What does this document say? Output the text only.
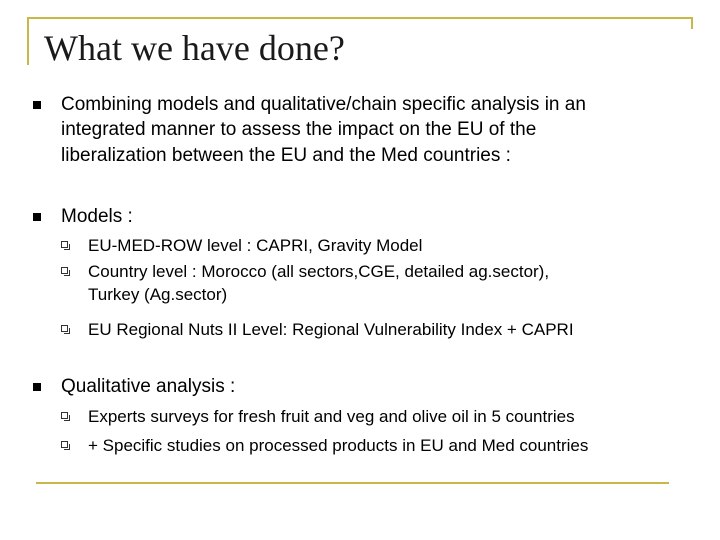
What we have done?
Combining models and qualitative/chain specific analysis in an
integrated manner to assess the impact on the EU of the
liberalization between the EU and the Med countries :
Models :
EU-MED-ROW level : CAPRI, Gravity Model
Country level : Morocco (all sectors,CGE, detailed ag.sector),
Turkey (Ag.sector)
EU Regional Nuts II Level: Regional Vulnerability Index + CAPRI
Qualitative analysis :
Experts surveys for fresh fruit and veg and olive oil in 5 countries
+ Specific studies on processed products in EU and Med countries
